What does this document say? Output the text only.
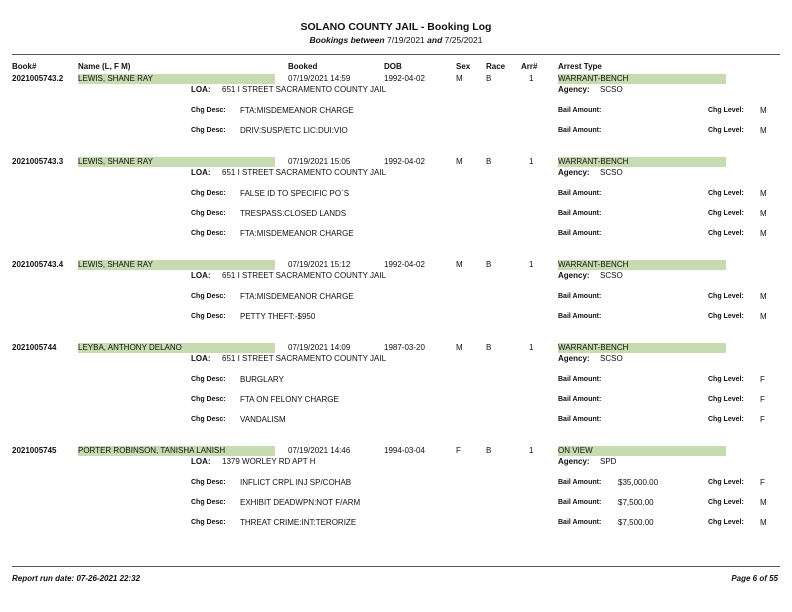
SOLANO COUNTY JAIL - Booking Log
Bookings between 7/19/2021 and 7/25/2021
Book#	Name (L, F M)	Booked	DOB	Sex Race Arr#	Arrest Type
2021005743.2 LEWIS, SHANE RAY	07/19/2021 14:59	1992-04-02	M	B	1	WARRANT-BENCH
LOA: 651 I STREET SACRAMENTO COUNTY JAIL	Agency: SCSO
Chg Desc: FTA:MISDEMEANOR CHARGE	Bail Amount:	Chg Level: M
Chg Desc: DRIV:SUSP/ETC LIC:DUI:VIO	Bail Amount:	Chg Level: M
2021005743.3 LEWIS, SHANE RAY	07/19/2021 15:05	1992-04-02	M	B	1	WARRANT-BENCH
LOA: 651 I STREET SACRAMENTO COUNTY JAIL	Agency: SCSO
Chg Desc: FALSE ID TO SPECIFIC PO`S	Bail Amount:	Chg Level: M
Chg Desc: TRESPASS:CLOSED LANDS	Bail Amount:	Chg Level: M
Chg Desc: FTA:MISDEMEANOR CHARGE	Bail Amount:	Chg Level: M
2021005743.4 LEWIS, SHANE RAY	07/19/2021 15:12	1992-04-02	M	B	1	WARRANT-BENCH
LOA: 651 I STREET SACRAMENTO COUNTY JAIL	Agency: SCSO
Chg Desc: FTA:MISDEMEANOR CHARGE	Bail Amount:	Chg Level: M
Chg Desc: PETTY THEFT:-$950	Bail Amount:	Chg Level: M
2021005744	LEYBA, ANTHONY DELANO	07/19/2021 14:09	1987-03-20	M	B	1	WARRANT-BENCH
LOA: 651 I STREET SACRAMENTO COUNTY JAIL	Agency: SCSO
Chg Desc: BURGLARY	Bail Amount:	Chg Level: F
Chg Desc: FTA ON FELONY CHARGE	Bail Amount:	Chg Level: F
Chg Desc: VANDALISM	Bail Amount:	Chg Level: F
2021005745	PORTER ROBINSON, TANISHA LANISH	07/19/2021 14:46	1994-03-04	F	B	1	ON VIEW
LOA: 1379 WORLEY RD APT H	Agency: SPD
Chg Desc: INFLICT CRPL INJ SP/COHAB	Bail Amount: $35,000.00	Chg Level: F
Chg Desc: EXHIBIT DEADWPN:NOT F/ARM	Bail Amount: $7,500.00	Chg Level: M
Chg Desc: THREAT CRIME:INT:TERORIZE	Bail Amount: $7,500.00	Chg Level: M
Report run date: 07-26-2021 22:32	Page 6 of 55
